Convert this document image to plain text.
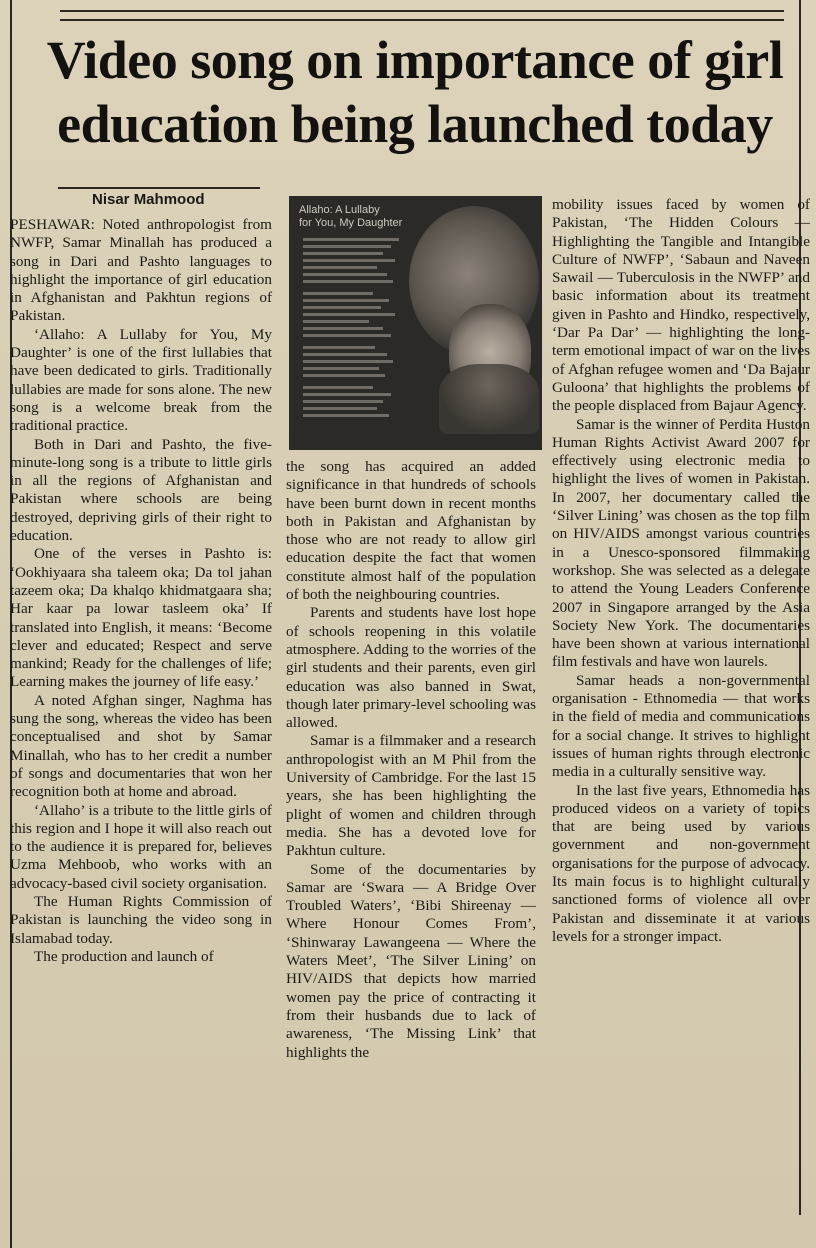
Video song on importance of girl education being launched today

Nisar Mahmood

PESHAWAR: Noted anthropologist from NWFP, Samar Minallah has produced a song in Dari and Pashto languages to highlight the importance of girl education in Afghanistan and Pakhtun regions of Pakistan.

‘Allaho: A Lullaby for You, My Daughter’ is one of the first lullabies that have been dedicated to girls. Traditionally lullabies are made for sons alone. The new song is a welcome break from the traditional practice.

Both in Dari and Pashto, the five-minute-long song is a tribute to little girls in all the regions of Afghanistan and Pakistan where schools are being destroyed, depriving girls of their right to education.

One of the verses in Pashto is: ‘Ookhiyaara sha taleem oka; Da tol jahan tazeem oka; Da khalqo khidmatgaara sha; Har kaar pa lowar tasleem oka’ If translated into English, it means: ‘Become clever and educated; Respect and serve mankind; Ready for the challenges of life; Learning makes the journey of life easy.’

A noted Afghan singer, Naghma has sung the song, whereas the video has been conceptualised and shot by Samar Minallah, who has to her credit a number of songs and documentaries that won her recognition both at home and abroad.

‘Allaho’ is a tribute to the little girls of this region and I hope it will also reach out to the audience it is prepared for, believes Uzma Mehboob, who works with an advocacy-based civil society organisation.

The Human Rights Commission of Pakistan is launching the video song in Islamabad today.

The production and launch of

Allaho: A Lullaby
for You, My Daughter

the song has acquired an added significance in that hundreds of schools have been burnt down in recent months both in Pakistan and Afghanistan by those who are not ready to allow girl education despite the fact that women constitute almost half of the population of both the neighbouring countries.

Parents and students have lost hope of schools reopening in this volatile atmosphere. Adding to the worries of the girl students and their parents, even girl education was also banned in Swat, though later primary-level schooling was allowed.

Samar is a filmmaker and a research anthropologist with an M Phil from the University of Cambridge. For the last 15 years, she has been highlighting the plight of women and children through media. She has a devoted love for Pakhtun culture.

Some of the documentaries by Samar are ‘Swara — A Bridge Over Troubled Waters’, ‘Bibi Shireenay — Where Honour Comes From’, ‘Shinwaray Lawangeena — Where the Waters Meet’, ‘The Silver Lining’ on HIV/AIDS that depicts how married women pay the price of contracting it from their husbands due to lack of awareness, ‘The Missing Link’ that highlights the

mobility issues faced by women of Pakistan, ‘The Hidden Colours — Highlighting the Tangible and Intangible Culture of NWFP’, ‘Sabaun and Naveen Sawail — Tuberculosis in the NWFP’ and basic information about its treatment given in Pashto and Hindko, respectively, ‘Dar Pa Dar’ — highlighting the long-term emotional impact of war on the lives of Afghan refugee women and ‘Da Bajaur Guloona’ that highlights the problems of the people displaced from Bajaur Agency.

Samar is the winner of Perdita Huston Human Rights Activist Award 2007 for effectively using electronic media to highlight the lives of women in Pakistan. In 2007, her documentary called the ‘Silver Lining’ was chosen as the top film on HIV/AIDS amongst various countries in a Unesco-sponsored filmmaking workshop. She was selected as a delegate to attend the Young Leaders Conference 2007 in Singapore arranged by the Asia Society New York. The documentaries have been shown at various international film festivals and have won laurels.

Samar heads a non-governmental organisation - Ethnomedia — that works in the field of media and communications for a social change. It strives to highlight issues of human rights through electronic media in a culturally sensitive way.

In the last five years, Ethnomedia has produced videos on a variety of topics that are being used by various government and non-government organisations for the purpose of advocacy. Its main focus is to highlight culturally sanctioned forms of violence all over Pakistan and disseminate it at various levels for a stronger impact.
